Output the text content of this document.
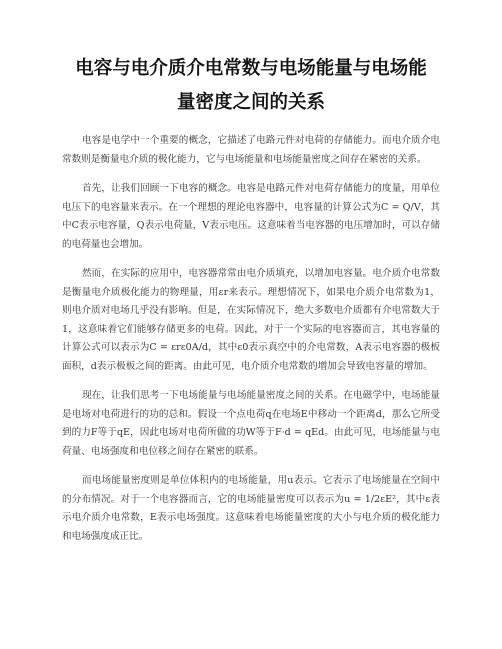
电容与电介质介电常数与电场能量与电场能
量密度之间的关系

电容是电学中一个重要的概念，它描述了电路元件对电荷的存储能力。而电介质介电常数则是衡量电介质的极化能力，它与电场能量和电场能量密度之间存在紧密的关系。

首先，让我们回顾一下电容的概念。电容是电路元件对电荷存储能力的度量，用单位电压下的电容量来表示。在一个理想的理论电容器中，电容量的计算公式为C = Q/V，其中C表示电容量，Q表示电荷量，V表示电压。这意味着当电容器的电压增加时，可以存储的电荷量也会增加。

然而，在实际的应用中，电容器常常由电介质填充，以增加电容量。电介质介电常数是衡量电介质极化能力的物理量，用εr来表示。理想情况下，如果电介质介电常数为1，则电介质对电场几乎没有影响。但是，在实际情况下，绝大多数电介质都有介电常数大于1，这意味着它们能够存储更多的电荷。因此，对于一个实际的电容器而言，其电容量的计算公式可以表示为C = εrε0A/d，其中ε0表示真空中的介电常数，A表示电容器的极板面积，d表示极板之间的距离。由此可见，电介质介电常数的增加会导致电容量的增加。

现在，让我们思考一下电场能量与电场能量密度之间的关系。在电磁学中，电场能量是电场对电荷进行的功的总和。假设一个点电荷q在电场E中移动一个距离d，那么它所受到的力F等于qE，因此电场对电荷所做的功W等于F·d = qEd。由此可见，电场能量与电荷量、电场强度和电位移之间存在紧密的联系。

而电场能量密度则是单位体积内的电场能量，用u表示。它表示了电场能量在空间中的分布情况。对于一个电容器而言，它的电场能量密度可以表示为u = 1/2εE²，其中ε表示电介质介电常数，E表示电场强度。这意味着电场能量密度的大小与电介质的极化能力和电场强度成正比。
